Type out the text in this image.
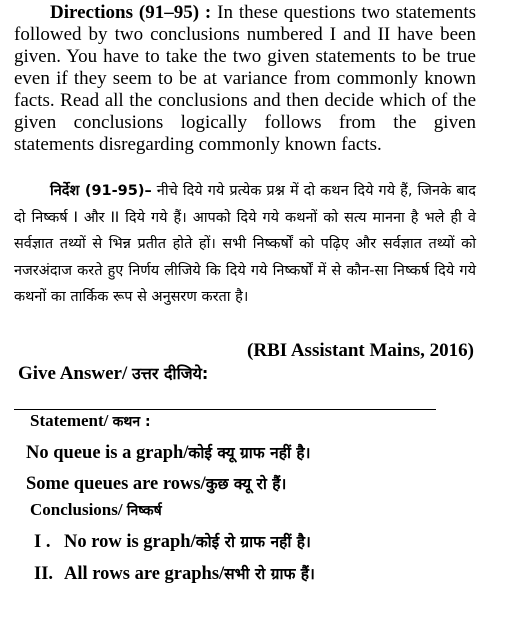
Directions (91–95) : In these questions two statements followed by two conclusions numbered I and II have been given. You have to take the two given statements to be true even if they seem to be at variance from commonly known facts. Read all the conclusions and then decide which of the given conclusions logically follows from the given statements disregarding commonly known facts.

निर्देश (91-95)– नीचे दिये गये प्रत्येक प्रश्न में दो कथन दिये गये हैं, जिनके बाद दो निष्कर्ष I और II दिये गये हैं। आपको दिये गये कथनों को सत्य मानना है भले ही वे सर्वज्ञात तथ्यों से भिन्न प्रतीत होते हों। सभी निष्कर्षों को पढ़िए और सर्वज्ञात तथ्यों को नजरअंदाज करते हुए निर्णय लीजिये कि दिये गये निष्कर्षों में से कौन-सा निष्कर्ष दिये गये कथनों का तार्किक रूप से अनुसरण करता है।

(RBI Assistant Mains, 2016)

Give Answer/ उत्तर दीजिये:

Statement/ कथन :

No queue is a graph/कोई क्यू ग्राफ नहीं है।

Some queues are rows/कुछ क्यू रो हैं।

Conclusions/ निष्कर्ष

I . No row is graph/कोई रो ग्राफ नहीं है।

II. All rows are graphs/सभी रो ग्राफ हैं।
